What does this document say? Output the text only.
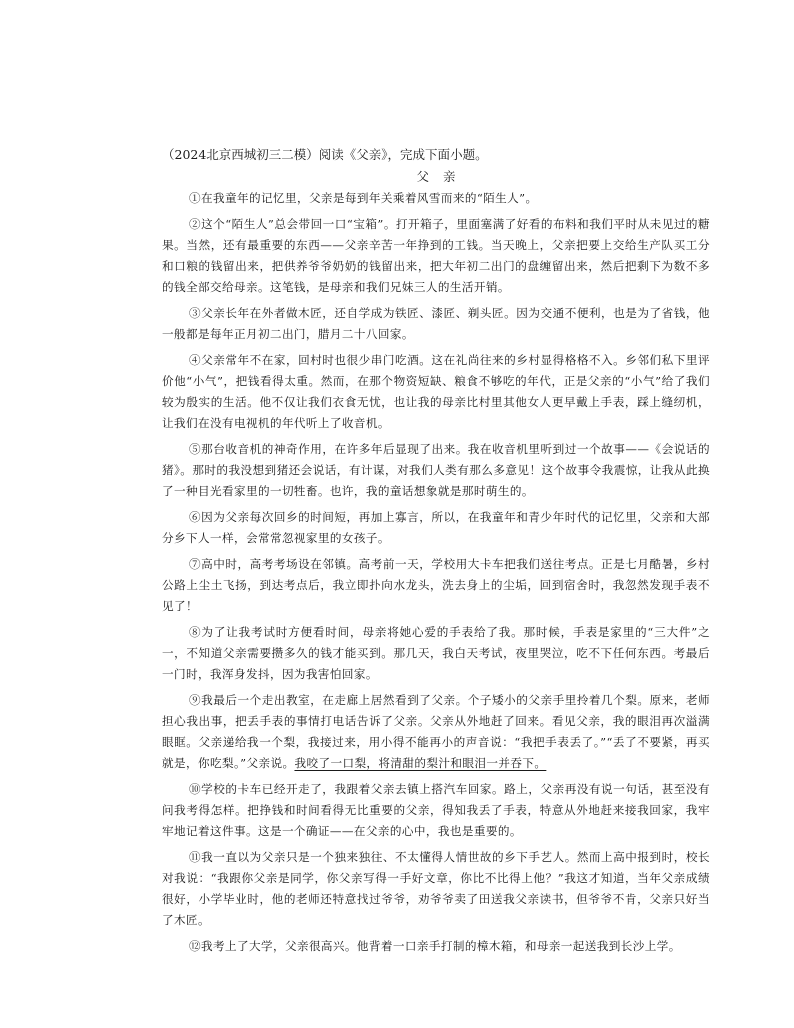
（2024北京西城初三二模）阅读《父亲》，完成下面小题。

父亲

①在我童年的记忆里，父亲是每到年关乘着风雪而来的“陌生人”。

②这个“陌生人”总会带回一口“宝箱”。打开箱子，里面塞满了好看的布料和我们平时从未见过的糖果。当然，还有最重要的东西——父亲辛苦一年挣到的工钱。当天晚上，父亲把要上交给生产队买工分和口粮的钱留出来，把供养爷爷奶奶的钱留出来，把大年初二出门的盘缠留出来，然后把剩下为数不多的钱全部交给母亲。这笔钱，是母亲和我们兄妹三人的生活开销。

③父亲长年在外者做木匠，还自学成为铁匠、漆匠、剃头匠。因为交通不便利，也是为了省钱，他一般都是每年正月初二出门，腊月二十八回家。

④父亲常年不在家，回村时也很少串门吃酒。这在礼尚往来的乡村显得格格不入。乡邻们私下里评价他“小气”，把钱看得太重。然而，在那个物资短缺、粮食不够吃的年代，正是父亲的“小气”给了我们较为殷实的生活。他不仅让我们衣食无忧，也让我的母亲比村里其他女人更早戴上手表，踩上缝纫机，让我们在没有电视机的年代听上了收音机。

⑤那台收音机的神奇作用，在许多年后显现了出来。我在收音机里听到过一个故事——《会说话的猪》。那时的我没想到猪还会说话，有计谋，对我们人类有那么多意见！这个故事令我震惊，让我从此换了一种目光看家里的一切牲畜。也许，我的童话想象就是那时萌生的。

⑥因为父亲每次回乡的时间短，再加上寡言，所以，在我童年和青少年时代的记忆里，父亲和大部分乡下人一样，会常常忽视家里的女孩子。

⑦高中时，高考考场设在邻镇。高考前一天，学校用大卡车把我们送往考点。正是七月酷暑，乡村公路上尘土飞扬，到达考点后，我立即扑向水龙头，洗去身上的尘垢，回到宿舍时，我忽然发现手表不见了！

⑧为了让我考试时方便看时间，母亲将她心爱的手表给了我。那时候，手表是家里的“三大件”之一，不知道父亲需要攒多久的钱才能买到。那几天，我白天考试，夜里哭泣，吃不下任何东西。考最后一门时，我浑身发抖，因为我害怕回家。

⑨我最后一个走出教室，在走廊上居然看到了父亲。个子矮小的父亲手里拎着几个梨。原来，老师担心我出事，把丢手表的事情打电话告诉了父亲。父亲从外地赶了回来。看见父亲，我的眼泪再次溢满眼眶。父亲递给我一个梨，我接过来，用小得不能再小的声音说：“我把手表丢了。”“丢了不要紧，再买就是，你吃梨。”父亲说。我咬了一口梨，将清甜的梨汁和眼泪一并吞下。

⑩学校的卡车已经开走了，我跟着父亲去镇上搭汽车回家。路上，父亲再没有说一句话，甚至没有问我考得怎样。把挣钱和时间看得无比重要的父亲，得知我丢了手表，特意从外地赶来接我回家，我牢牢地记着这件事。这是一个确证——在父亲的心中，我也是重要的。

⑪我一直以为父亲只是一个独来独往、不太懂得人情世故的乡下手艺人。然而上高中报到时，校长对我说：“我跟你父亲是同学，你父亲写得一手好文章，你比不比得上他？”我这才知道，当年父亲成绩很好，小学毕业时，他的老师还特意找过爷爷，劝爷爷卖了田送我父亲读书，但爷爷不肯，父亲只好当了木匠。

⑫我考上了大学，父亲很高兴。他背着一口亲手打制的樟木箱，和母亲一起送我到长沙上学。
